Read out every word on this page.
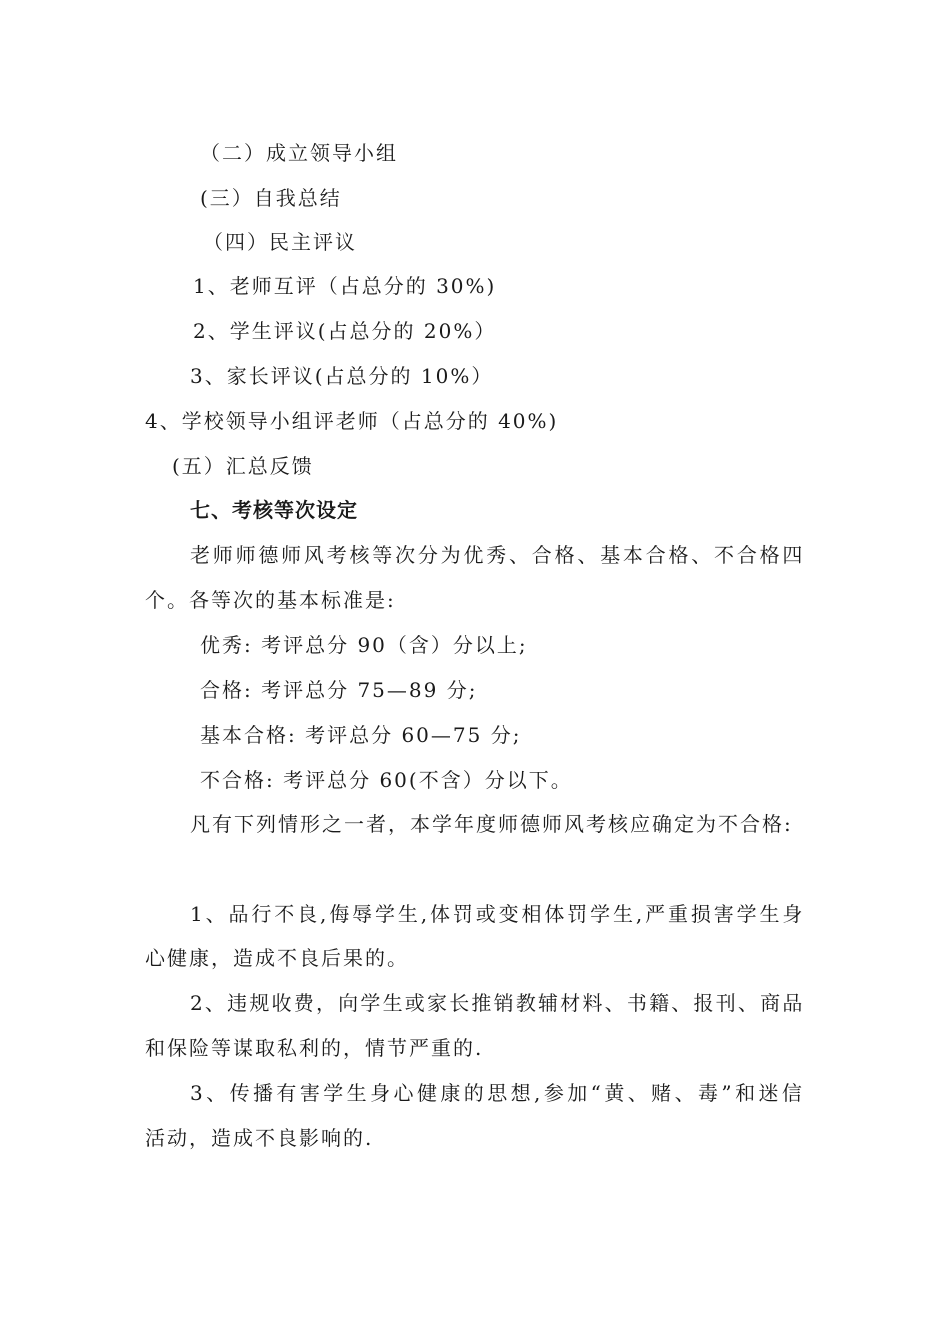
（二）成立领导小组
(三）自我总结
（四）民主评议
1、老师互评（占总分的 30%)
2、学生评议(占总分的 20%）
3、家长评议(占总分的 10%）
4、学校领导小组评老师（占总分的 40%)
(五）汇总反馈
七、考核等次设定
老师师德师风考核等次分为优秀、合格、基本合格、不合格四
个。各等次的基本标准是:
优秀: 考评总分 90（含）分以上;
合格: 考评总分 75—89 分;
基本合格: 考评总分 60—75 分;
不合格: 考评总分 60(不含）分以下。
凡有下列情形之一者，本学年度师德师风考核应确定为不合格:
1、品行不良,侮辱学生,体罚或变相体罚学生,严重损害学生身
心健康，造成不良后果的。
2、违规收费，向学生或家长推销教辅材料、书籍、报刊、商品
和保险等谋取私利的，情节严重的.
3、传播有害学生身心健康的思想,参加“黄、赌、毒”和迷信
活动，造成不良影响的.
